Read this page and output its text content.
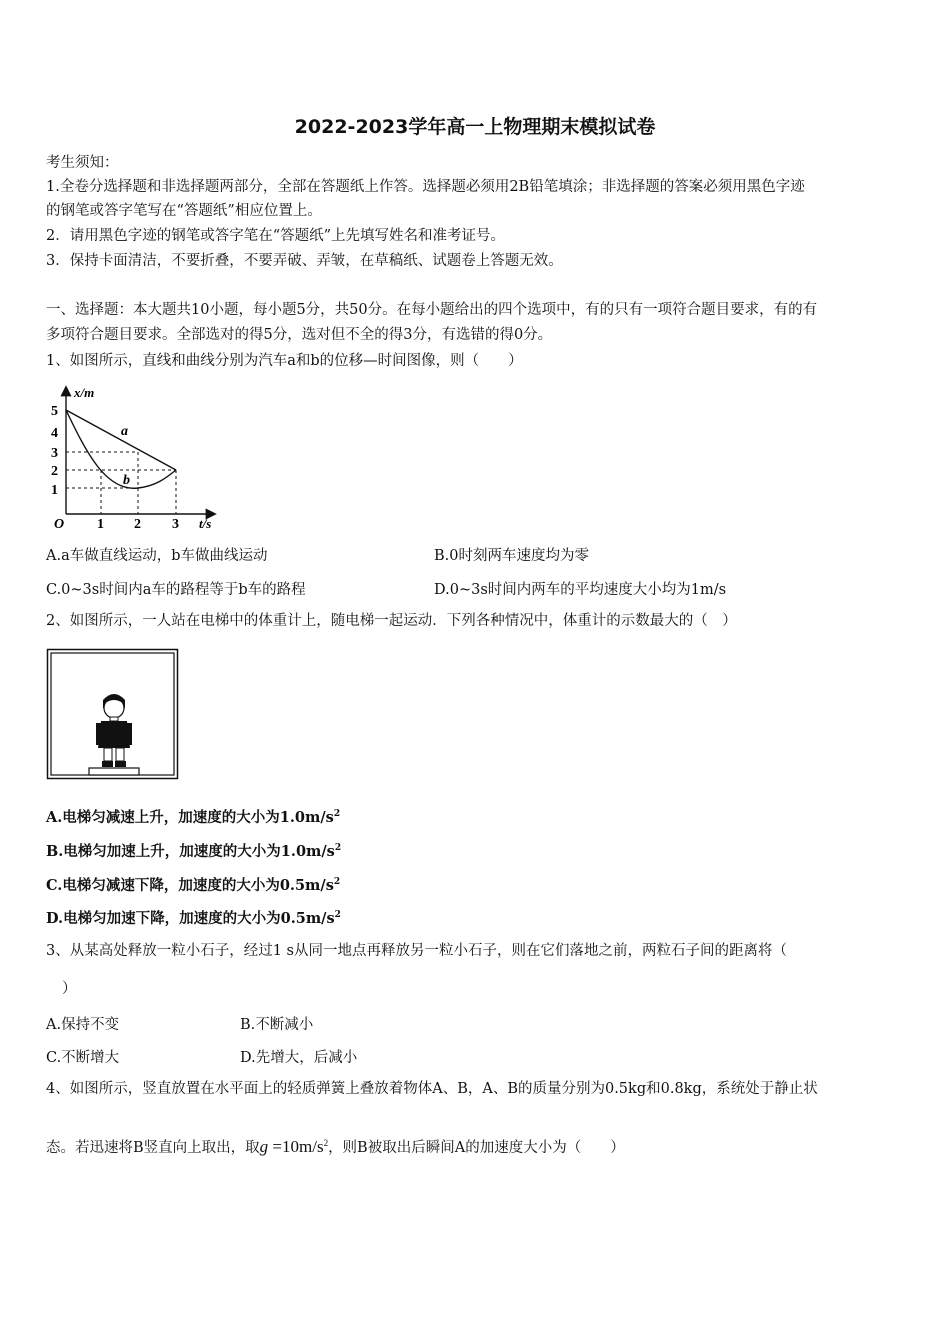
2022-2023学年高一上物理期末模拟试卷
考生须知：
1.全卷分选择题和非选择题两部分，全部在答题纸上作答。选择题必须用2B铅笔填涂；非选择题的答案必须用黑色字迹
的钢笔或答字笔写在“答题纸”相应位置上。
2．请用黑色字迹的钢笔或答字笔在“答题纸”上先填写姓名和准考证号。
3．保持卡面清洁，不要折叠，不要弄破、弄皱，在草稿纸、试题卷上答题无效。
一、选择题：本大题共10小题，每小题5分，共50分。在每小题给出的四个选项中，有的只有一项符合题目要求，有的有
多项符合题目要求。全部选对的得5分，选对但不全的得3分，有选错的得0分。
1、如图所示，直线和曲线分别为汽车a和b的位移—时间图像，则（　　）
x/m
t/s
O
5
4
3
2
1
1 2 3
a
b
A.a车做直线运动，b车做曲线运动	B.0时刻两车速度均为零
C.0~3s时间内a车的路程等于b车的路程	D.0~3s时间内两车的平均速度大小均为1m/s
2、如图所示，一人站在电梯中的体重计上，随电梯一起运动．下列各种情况中，体重计的示数最大的（　）
A.电梯匀减速上升，加速度的大小为$1.0m/s^2$
B.电梯匀加速上升，加速度的大小为$1.0m/s^2$
C.电梯匀减速下降，加速度的大小为$0.5m/s^2$
D.电梯匀加速下降，加速度的大小为$0.5m/s^2$
3、从某高处释放一粒小石子，经过1 s从同一地点再释放另一粒小石子，则在它们落地之前，两粒石子间的距离将（
）
A.保持不变	B.不断减小
C.不断增大	D.先增大，后减小
4、如图所示，竖直放置在水平面上的轻质弹簧上叠放着物体A、B，A、B的质量分别为0.5kg和0.8kg，系统处于静止状
态。若迅速将B竖直向上取出，取$g =10m/s^2$，则B被取出后瞬间A的加速度大小为（　　）
